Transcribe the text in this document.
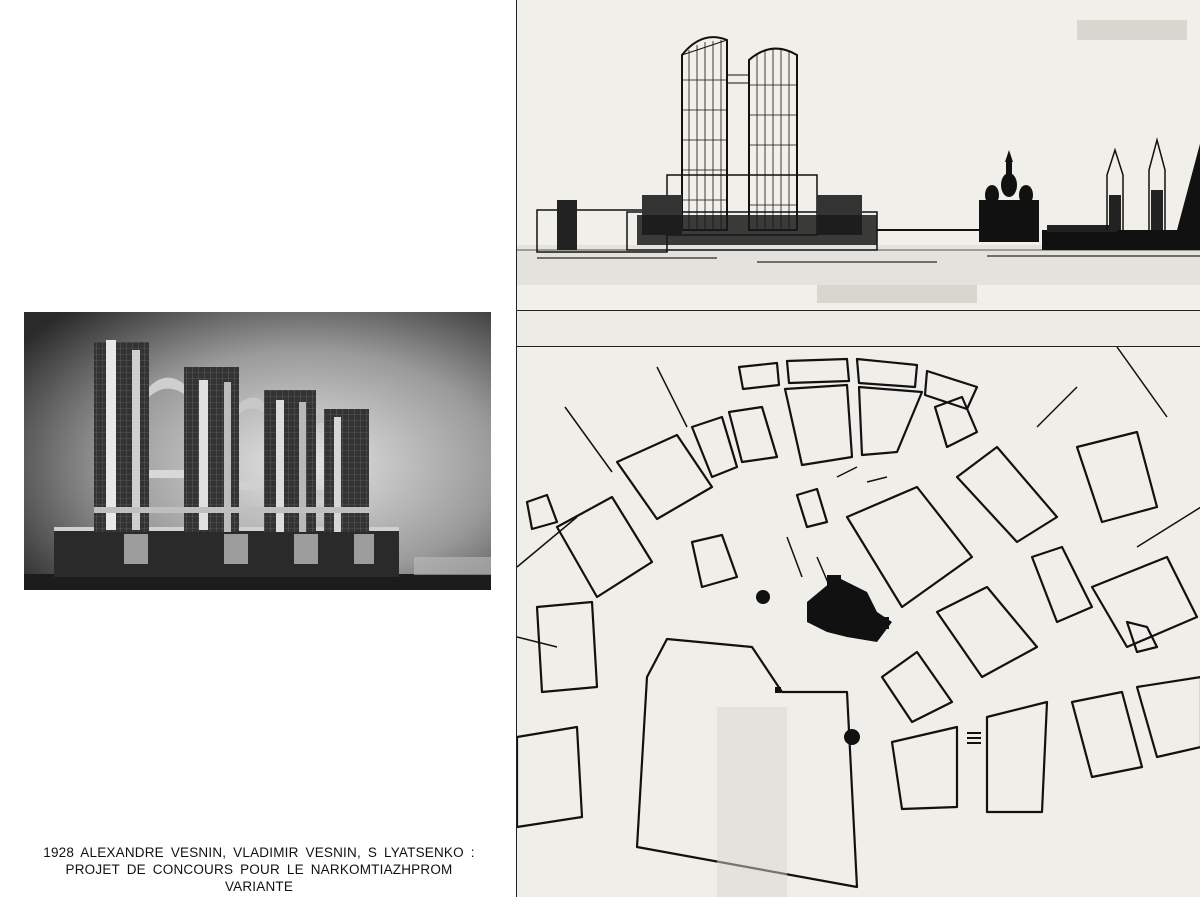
1928 ALEXANDRE VESNIN, VLADIMIR VESNIN, S LYATSENKO :
PROJET DE CONCOURS POUR LE NARKOMTIAZHPROM
VARIANTE
